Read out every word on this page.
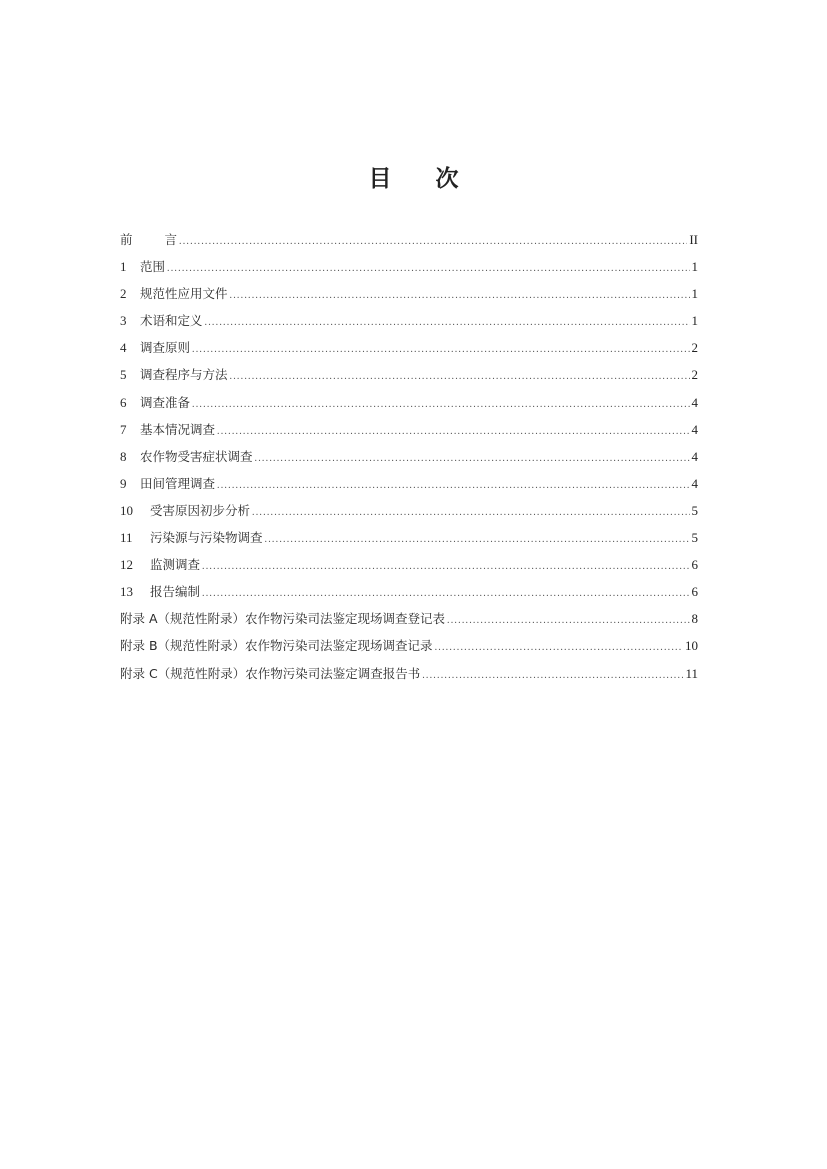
目 次
前	言 .....	II
1 范围 .....	1
2 规范性应用文件 .....	1
3 术语和定义 .....	1
4 调查原则 .....	2
5 调查程序与方法 .....	2
6 调查准备 .....	4
7 基本情况调查 .....	4
8 农作物受害症状调查 .....	4
9 田间管理调查 .....	4
10 受害原因初步分析 .....	5
11 污染源与污染物调查 .....	5
12 监测调查 .....	6
13 报告编制 .....	6
附录 A（规范性附录）农作物污染司法鉴定现场调查登记表 .....	8
附录 B（规范性附录）农作物污染司法鉴定现场调查记录 .....	10
附录 C（规范性附录）农作物污染司法鉴定调查报告书 .....	11
